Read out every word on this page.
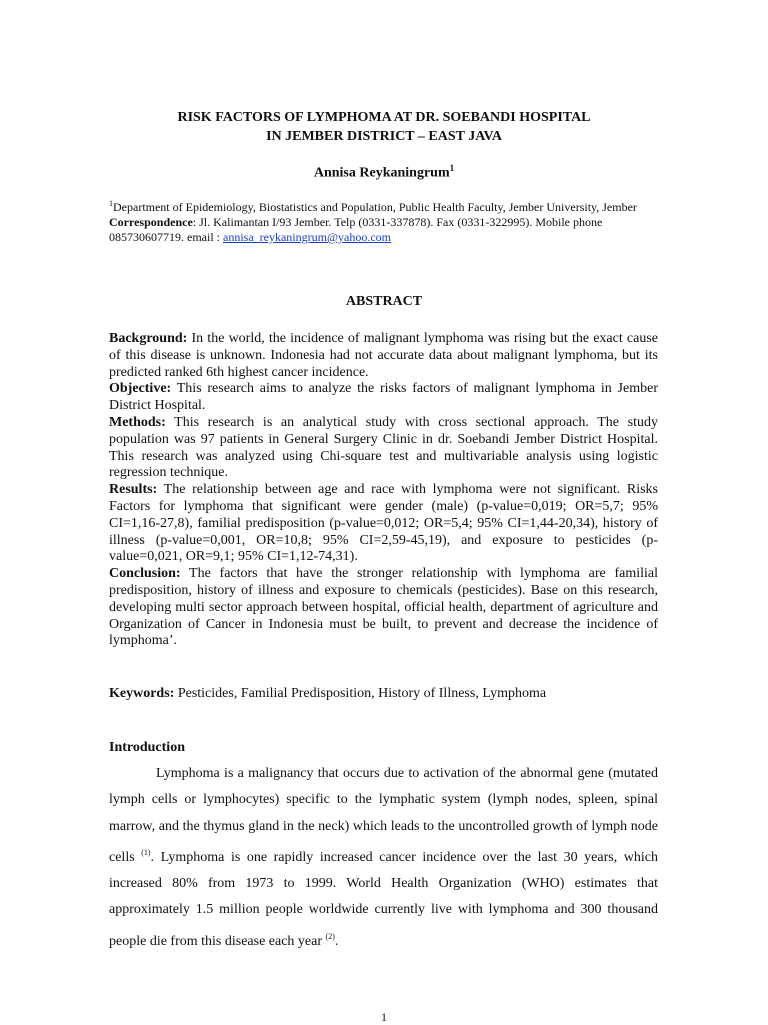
RISK FACTORS OF LYMPHOMA AT DR. SOEBANDI HOSPITAL
IN JEMBER DISTRICT – EAST JAVA
Annisa Reykaningrum$^1$
$^1$Department of Epidemiology, Biostatistics and Population, Public Health Faculty, Jember University, Jember
Correspondence: Jl. Kalimantan I/93 Jember. Telp (0331-337878). Fax (0331-322995). Mobile phone 085730607719. email : annisa_reykaningrum@yahoo.com
ABSTRACT

Background: In the world, the incidence of malignant lymphoma was rising but the exact cause of this disease is unknown. Indonesia had not accurate data about malignant lymphoma, but its predicted ranked 6th highest cancer incidence.

Objective: This research aims to analyze the risks factors of malignant lymphoma in Jember District Hospital.

Methods: This research is an analytical study with cross sectional approach. The study population was 97 patients in General Surgery Clinic in dr. Soebandi Jember District Hospital. This research was analyzed using Chi-square test and multivariable analysis using logistic regression technique.

Results: The relationship between age and race with lymphoma were not significant. Risks Factors for lymphoma that significant were gender (male) (p-value=0,019; OR=5,7; 95% CI=1,16-27,8), familial predisposition (p-value=0,012; OR=5,4; 95% CI=1,44-20,34), history of illness (p-value=0,001, OR=10,8; 95% CI=2,59-45,19), and exposure to pesticides (p-value=0,021, OR=9,1; 95% CI=1,12-74,31).

Conclusion: The factors that have the stronger relationship with lymphoma are familial predisposition, history of illness and exposure to chemicals (pesticides). Base on this research, developing multi sector approach between hospital, official health, department of agriculture and Organization of Cancer in Indonesia must be built, to prevent and decrease the incidence of lymphoma’.

Keywords: Pesticides, Familial Predisposition, History of Illness, Lymphoma
Introduction
Lymphoma is a malignancy that occurs due to activation of the abnormal gene (mutated lymph cells or lymphocytes) specific to the lymphatic system (lymph nodes, spleen, spinal marrow, and the thymus gland in the neck) which leads to the uncontrolled growth of lymph node cells $^{(1)}$. Lymphoma is one rapidly increased cancer incidence over the last 30 years, which increased 80% from 1973 to 1999. World Health Organization (WHO) estimates that approximately 1.5 million people worldwide currently live with lymphoma and 300 thousand people die from this disease each year $^{(2)}$.
1
